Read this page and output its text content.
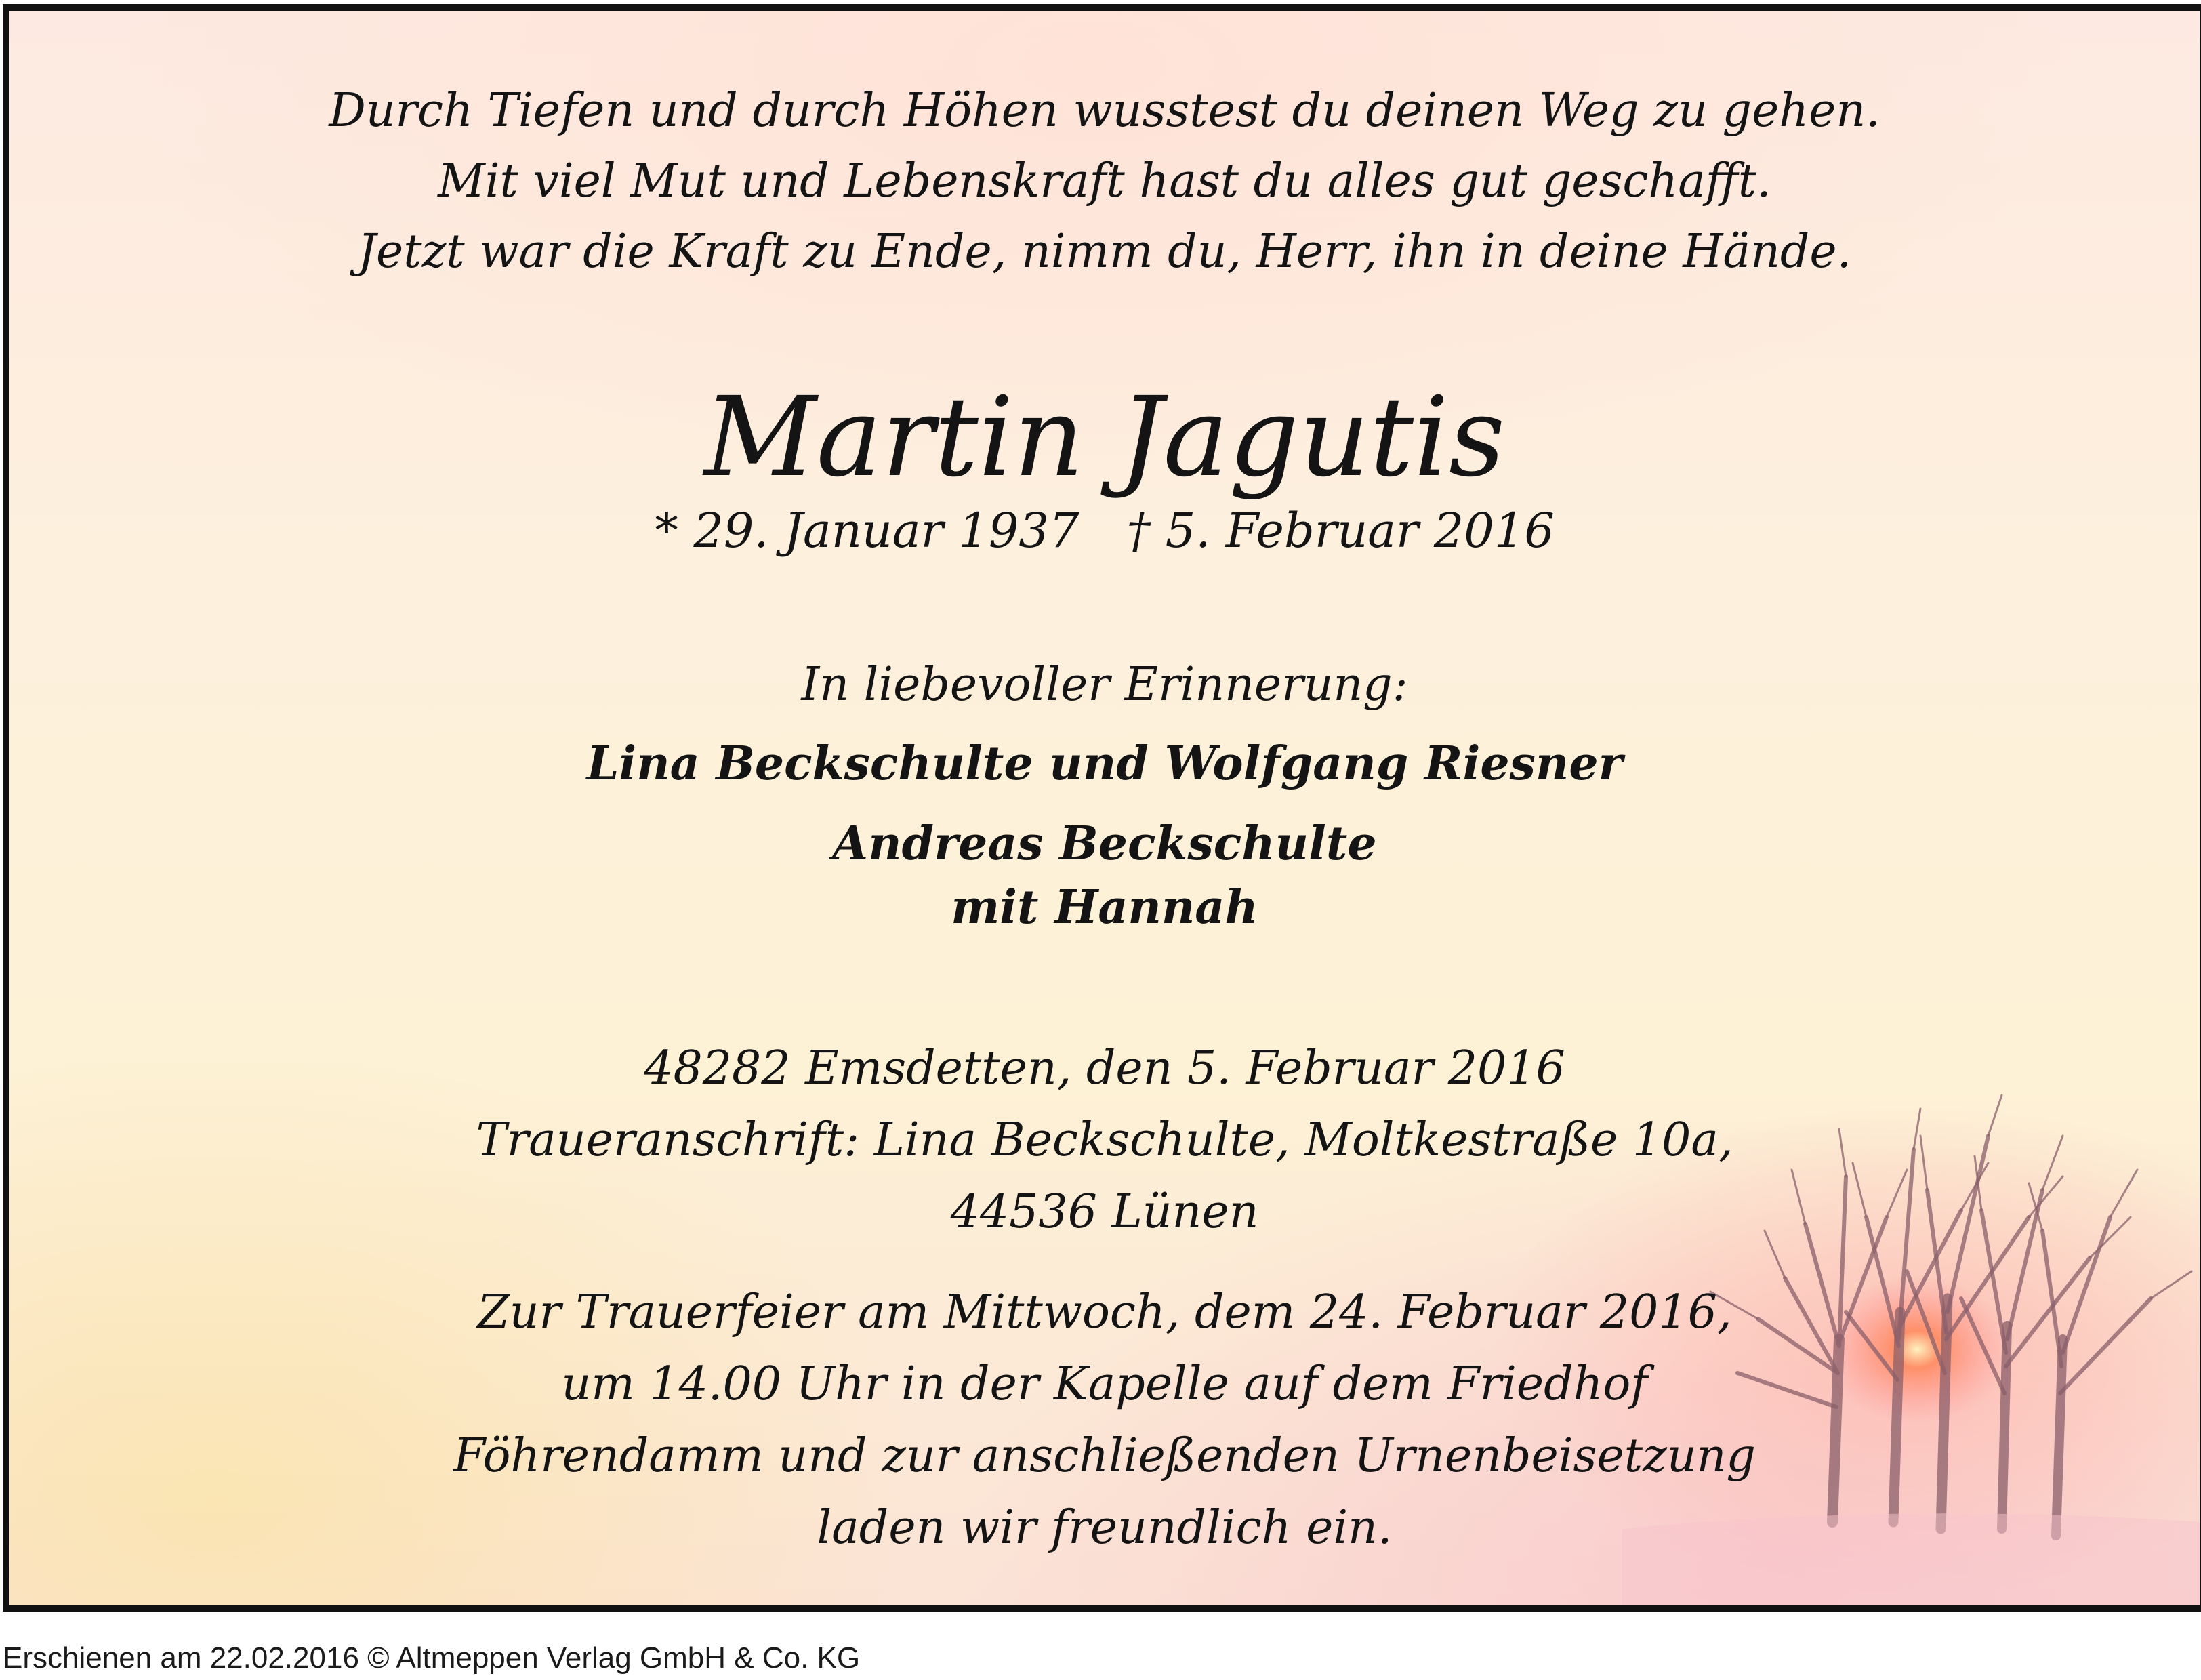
Durch Tiefen und durch Höhen wusstest du deinen Weg zu gehen.
Mit viel Mut und Lebenskraft hast du alles gut geschafft.
Jetzt war die Kraft zu Ende, nimm du, Herr, ihn in deine Hände.
Martin Jagutis
* 29. Januar 1937 † 5. Februar 2016
In liebevoller Erinnerung:
Lina Beckschulte und Wolfgang Riesner
Andreas Beckschulte
mit Hannah
48282 Emsdetten, den 5. Februar 2016
Traueranschrift: Lina Beckschulte, Moltkestraße 10a,
44536 Lünen
Zur Trauerfeier am Mittwoch, dem 24. Februar 2016,
um 14.00 Uhr in der Kapelle auf dem Friedhof
Föhrendamm und zur anschließenden Urnenbeisetzung
laden wir freundlich ein.
Erschienen am 22.02.2016 © Altmeppen Verlag GmbH & Co. KG
